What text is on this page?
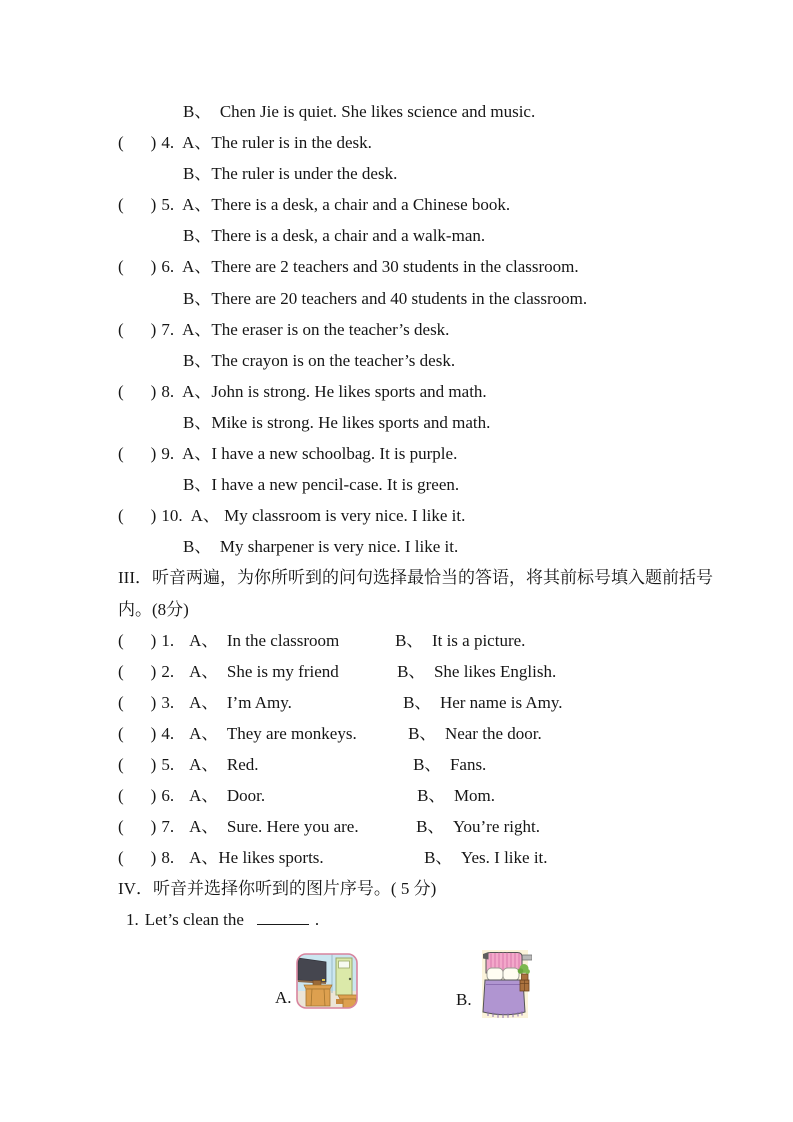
B、  Chen Jie is quiet. She likes science and music.
( ) 4. A、The ruler is in the desk.
B、The ruler is under the desk.
( ) 5. A、There is a desk, a chair and a Chinese book.
B、There is a desk, a chair and a walk-man.
( ) 6. A、There are 2 teachers and 30 students in the classroom.
B、There are 20 teachers and 40 students in the classroom.
( ) 7. A、The eraser is on the teacher’s desk.
B、The crayon is on the teacher’s desk.
( ) 8. A、John is strong. He likes sports and math.
B、Mike is strong. He likes sports and math.
( ) 9. A、I have a new schoolbag. It is purple.
B、I have a new pencil-case. It is green.
( ) 10. A、 My classroom is very nice. I like it.
B、  My sharpener is very nice. I like it.
III．听音两遍，为你所听到的问句选择最恰当的答语，将其前标号填入题前括号
内。(8分)
( ) 1. A、  In the classroom	B、  It is a picture.
( ) 2. A、  She is my friend	B、  She likes English.
( ) 3. A、  I’m Amy.	B、  Her name is Amy.
( ) 4. A、  They are monkeys.	B、  Near the door.
( ) 5. A、  Red.	B、  Fans.
( ) 6. A、  Door.	B、  Mom.
( ) 7. A、  Sure. Here you are.	B、  You’re right.
( ) 8. A、He likes sports.	B、  Yes. I like it.
IV．听音并选择你听到的图片序号。( 5 分)
1. Let’s clean the	.
A.	B.
